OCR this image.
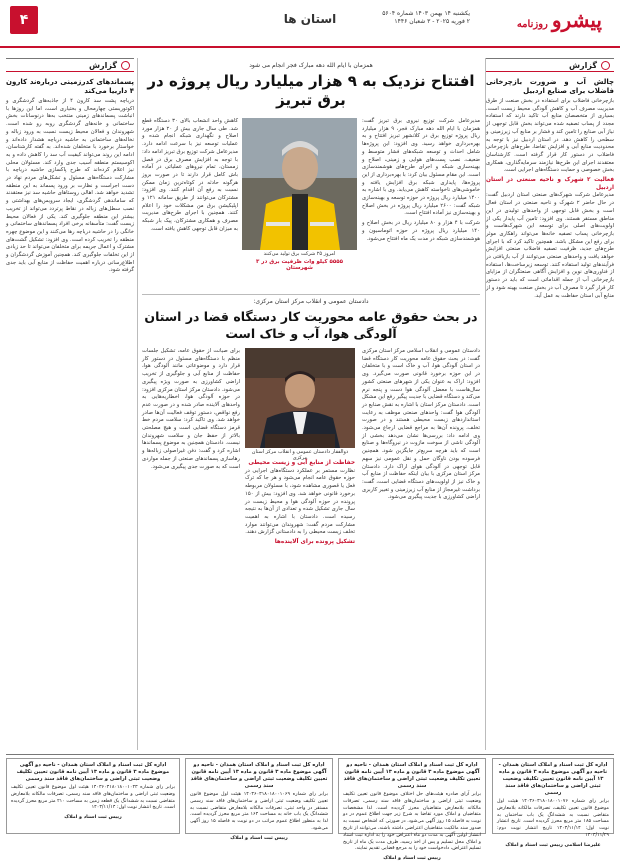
پیشروروزنامه
یکشنبه ۱۴ بهمن ۱۴۰۳ شماره ۵۶۰۴
۲ فوریه ۲۰۲۵ - ۳ شعبان ۱۴۴۶
استان ها
۴
گزارش
چالش آب و ضرورت بازچرخانی فاضلاب برای صنایع اردبیل

بازچرخانی فاضلاب برای استفاده در بخش صنعت از طرق مدیریت مصرف آب و کاهش آلودگی محیط زیست است. بسیاری از متخصصان منابع آب تاکید دارند که استفاده مجدد از پساب تصفیه شده می‌تواند بخش قابل توجهی از نیاز آبی صنایع را تامین کند و فشار بر منابع آب زیرزمینی و سطحی را کاهش دهد. در استان اردبیل نیز با توجه به محدودیت منابع آبی و افزایش تقاضا، طرح‌های بازچرخانی فاضلاب در دستور کار قرار گرفته است. کارشناسان معتقدند اجرای این طرح‌ها نیازمند سرمایه‌گذاری، همکاری بخش خصوصی و حمایت دستگاه‌های اجرایی است.

فعالیت ۲ شهرک و ناحیه صنعتی در استان اردبیل

مدیرعامل شرکت شهرک‌های صنعتی استان اردبیل گفت: در حال حاضر ۲ شهرک و ناحیه صنعتی در استان فعال است و بخش قابل توجهی از واحدهای تولیدی در این مناطق مستقر هستند. وی افزود: تامین آب پایدار یکی از اولویت‌های اصلی برای توسعه این شهرک‌هاست و بازچرخانی پساب تصفیه خانه‌ها می‌تواند راهکاری موثر برای رفع این مشکل باشد. همچنین تاکید کرد که با اجرای طرح‌های جدید، ظرفیت تصفیه فاضلاب صنعتی افزایش خواهد یافت و واحدهای صنعتی می‌توانند از آب بازیافتی در فرآیندهای تولید استفاده کنند. توسعه زیرساخت‌ها، استفاده از فناوری‌های نوین و افزایش آگاهی صنعتگران از مزایای بازچرخانی آب از جمله اقداماتی است که باید در دستور کار قرار گیرد تا مصرف آب در بخش صنعت بهینه شود و از منابع آبی استان حفاظت به عمل آید.

گزارش
پسماندهای کدرزمینی درباره‌ند کارون ۴ داربیا می‌کند

دریاچه پشت سد کارون ۴ از جاذبه‌های گردشگری و اکوتوریستی چهارمحال و بختیاری است، اما این روزها با انباشت پسماندهای زمینی منتخب به‌ها درنوسانات بخش ساختمانی و خانه‌های گردشگری روبه رو شده است. شهروندان و فعالان محیط زیست نسبت به ورود زباله و نخاله‌های ساختمانی به حاشیه دریاچه هشدار داده‌اند و خواستار برخورد با متخلفان شده‌اند. به گفته کارشناسان، ادامه این روند می‌تواند کیفیت آب سد را کاهش داده و به اکوسیستم منطقه آسیب جدی وارد کند. مسئولان محلی نیز اعلام کرده‌اند که طرح پاکسازی حاشیه دریاچه با مشارکت دستگاه‌های مسئول و تشکل‌های مردم نهاد در دست اجراست و نظارت بر ورود پسماند به این منطقه تشدید خواهد شد. اهالی روستاهای حاشیه سد نیز معتقدند که ساماندهی گردشگری، ایجاد سرویس‌های بهداشتی و نصب سطل‌های زباله در نقاط پرتردد می‌تواند از تخریب بیشتر این منطقه جلوگیری کند. یکی از فعالان محیط زیست گفت: متأسفانه برخی افراد پسماندهای ساختمانی و خانگی را در حاشیه دریاچه رها می‌کنند و این موضوع چهره منطقه را تخریب کرده است. وی افزود: تشکیل گشت‌های مشترک و اعمال جریمه برای متخلفان می‌تواند تا حد زیادی از این تخلفات جلوگیری کند. همچنین آموزش گردشگران و اطلاع‌رسانی درباره اهمیت حفاظت از منابع آبی باید جدی گرفته شود.

همزمان با ایام الله دهه مبارک فجر انجام می شود
افتتاح نزدیک به ۹ هزار میلیارد ریال پروژه در برق تبریز

مدیرعامل شرکت توزیع نیروی برق تبریز گفت: همزمان با ایام الله دهه مبارک فجر، ۹ هزار میلیارد ریال پروژه توزیع برق در کلانشهر تبریز افتتاح و به بهره‌برداری خواهد رسید. وی افزود: این پروژه‌ها شامل احداث و توسعه شبکه‌های فشار متوسط و ضعیف، نصب پست‌های هوایی و زمینی، اصلاح و بهینه‌سازی شبکه و اجرای طرح‌های هوشمندسازی است. این مقام مسئول بیان کرد: با بهره‌برداری از این پروژه‌ها، پایداری شبکه برق افزایش یافته و خاموشی‌های ناخواسته کاهش می‌یابد. وی با اشاره به ۱۴۰۰ میلیارد ریال پروژه در حوزه توسعه و بهینه‌سازی شبکه گفت: ۲۶۰۰ میلیارد ریال پروژه در بخش اصلاح و بهینه‌سازی نیز آماده افتتاح است.

شرکت با ۴ هزار و ۸۰ میلیارد ریال در بخش اصلاح و ۱۴۰ میلیارد ریال پروژه در حوزه اتوماسیون و هوشمندسازی شبکه در مدت یک ماه افتتاح می‌شود.

امروز ۲۵ شرکت برق تولید می‌کنند
۵۵۵۵ کیلو وات ظرفیت برق در ۳ شهرستان

کاهش واحد انشعاب بالای ۳۰ دستگاه قطع شد. طی سال جاری بیش از ۲۰ هزار مورد اصلاح و نگهداری شبکه انجام شده و عملیات توسعه نیز با سرعت ادامه دارد. مدیرعامل شرکت توزیع برق تبریز ادامه داد: با توجه به افزایش مصرف برق در فصل زمستان، تمام نیروهای عملیاتی در آماده باش کامل قرار دارند تا در صورت بروز هرگونه حادثه در کوتاه‌ترین زمان ممکن نسبت به رفع آن اقدام کنند. وی افزود: مشترکان می‌توانند از طریق سامانه ۱۲۱ و اپلیکیشن برق من مشکلات خود را اعلام کنند. همچنین با اجرای طرح‌های مدیریت مصرف و همکاری مشترکان، پیک بار شبکه به میزان قابل توجهی کاهش یافته است.

دادستان عمومی و انقلاب مرکز استان مرکزی:
در بحث حقوق عامه محوریت کار دستگاه قضا در استان
آلودگی هوا، آب و خاک است

دادستان عمومی و انقلاب اسلامی مرکز استان مرکزی گفت: در بحث حقوق عامه محوریت کار دستگاه قضا در استان آلودگی هوا، آب و خاک است و با متخلفان در این حوزه برخورد قانونی صورت می‌گیرد. وی افزود: اراک به عنوان یکی از شهرهای صنعتی کشور سال‌هاست با معضل آلودگی هوا دست و پنجه نرم می‌کند و دستگاه قضایی با جدیت پیگیر رفع این مشکل است. دادستان مرکز استان با اشاره به نقش صنایع در آلودگی هوا گفت: واحدهای صنعتی موظف به رعایت استانداردهای زیست محیطی هستند و در صورت تخلف، پرونده آن‌ها به مراجع قضایی ارجاع می‌شود. وی ادامه داد: بررسی‌ها نشان می‌دهد بخشی از آلودگی ناشی از سوخت مازوت در نیروگاه‌ها و صنایع است که باید هرچه سریع‌تر جایگزین شود. همچنین فرسوده بودن ناوگان حمل و نقل عمومی نیز سهم قابل توجهی در آلودگی هوای اراک دارد. دادستان مرکز استان مرکزی با بیان اینکه حفاظت از منابع آب و خاک نیز از اولویت‌های دستگاه قضایی است، گفت: برداشت غیرمجاز از منابع آب زیرزمینی و تغییر کاربری اراضی کشاورزی با جدیت پیگیری می‌شود.

ذوالفقار دادستان عمومی و انقلاب مرکز استان مرکزی
حفاظت از منابع آبی و زیست محیطی

نظارت مستمر بر عملکرد دستگاه‌های اجرایی در حوزه حقوق عامه انجام می‌شود و هر جا که ترک فعل یا قصوری مشاهده شود، با مسئولان مربوطه برخورد قانونی خواهد شد. وی افزود: بیش از ۱۵۰ پرونده در حوزه آلودگی هوا و محیط زیست در سال جاری تشکیل شده و تعدادی از آن‌ها به نتیجه رسیده است. دادستان با اشاره به اهمیت مشارکت مردم گفت: شهروندان می‌توانند موارد تخلف زیست محیطی را به دادستانی گزارش دهند.

تشکیل پرونده برای آلاینده‌ها

برای صیانت از حقوق عامه، تشکیل جلسات منظم با دستگاه‌های مسئول در دستور کار قرار دارد و موضوعاتی مانند آلودگی هوا، حفاظت از منابع آبی و جلوگیری از تخریب اراضی کشاورزی به صورت ویژه پیگیری می‌شود. دادستان مرکز استان مرکزی افزود: در حوزه آلودگی هوا، اخطاریه‌هایی به واحدهای آلاینده صادر شده و در صورت عدم رفع نواقص، دستور توقف فعالیت آن‌ها صادر خواهد شد. وی تاکید کرد: سلامت مردم خط قرمز دستگاه قضایی است و هیچ مصلحتی بالاتر از حفظ جان و سلامت شهروندان نیست. دادستان همچنین به موضوع پسماندها اشاره کرد و گفت: دفن غیراصولی زباله‌ها و رهاسازی پسماندهای صنعتی از جمله مواردی است که به صورت جدی پیگیری می‌شود.

اداره کل ثبت اسناد و املاک استان همدان - ناحیه دو آگهی موضوع ماده ۳ قانون و ماده ۱۳ آیین نامه قانون تعیین تکلیف وضعیت ثبتی اراضی و ساختمان‌های فاقد سند رسمی
برابر آرای صادره هیئت‌های حل اختلاف موضوع قانون تعیین تکلیف وضعیت ثبتی اراضی و ساختمان‌های فاقد سند رسمی، تصرفات مالکانه بلامعارض متقاضیان محرز گردیده است. لذا مشخصات متقاضیان و املاک مورد تقاضا به شرح زیر جهت اطلاع عموم در دو نوبت به فاصله ۱۵ روز آگهی می‌شود. در صورتی که اشخاص نسبت به صدور سند مالکیت متقاضیان اعتراضی داشته باشند، می‌توانند از تاریخ انتشار اولین آگهی به مدت دو ماه اعتراض خود را به اداره ثبت اسناد و املاک محل تسلیم و پس از اخذ رسید، ظرف مدت یک ماه از تاریخ تسلیم اعتراض، دادخواست خود را به مرجع قضایی تقدیم نمایند.
رییس ثبت اسناد و املاک
اداره کل ثبت اسناد و املاک استان همدان - ناحیه دو آگهی موضوع ماده ۳ قانون و ماده ۱۳ آیین نامه قانون تعیین تکلیف وضعیت ثبتی اراضی و ساختمان‌های فاقد سند رسمی
برابر رای شماره ۱۴۰۳۶۰۳۱۸۰۱۸۰۰۱۰۶۹ هیئت اول موضوع قانون تعیین تکلیف وضعیت ثبتی اراضی و ساختمان‌های فاقد سند رسمی مستقر در واحد ثبتی، تصرفات مالکانه بلامعارض متقاضی نسبت به ششدانگ یک باب خانه به مساحت ۱۶۴ متر مربع محرز گردیده است. لذا به منظور اطلاع عموم مراتب در دو نوبت به فاصله ۱۵ روز آگهی می‌شود.
رییس ثبت اسناد و املاک
اداره کل ثبت اسناد و املاک استان همدان - ناحیه دو آگهی موضوع ماده ۳ قانون و ماده ۱۳ آیین نامه قانون تعیین تکلیف وضعیت ثبتی اراضی و ساختمان‌های فاقد سند رسمی
برابر رای شماره ۱۴۰۳۶۰۳۱۸۰۱۸۰۰۱۰۴۳ هیئت اول موضوع قانون تعیین تکلیف وضعیت ثبتی اراضی و ساختمان‌های فاقد سند رسمی، تصرفات مالکانه بلامعارض متقاضی نسبت به ششدانگ یک قطعه زمین به مساحت ۲۱۰ متر مربع محرز گردیده است. تاریخ انتشار نوبت اول: ۱۴۰۳/۱۱/۱۴
رییس ثبت اسناد و املاک
اداره کل ثبت اسناد و املاک استان همدان - ناحیه دو آگهی موضوع ماده ۳ قانون و ماده ۱۳ آیین نامه قانون تعیین تکلیف وضعیت ثبتی اراضی و ساختمان‌های فاقد سند رسمی
برابر رای شماره ۱۴۰۳۶۰۳۱۸۰۱۸۰۰۱۰۷۶ هیئت اول موضوع قانون تعیین تکلیف، تصرفات مالکانه بلامعارض متقاضی نسبت به ششدانگ یک باب ساختمان به مساحت ۱۸۵ متر مربع محرز گردیده است. تاریخ انتشار نوبت اول: ۱۴۰۳/۱۱/۱۴ تاریخ انتشار نوبت دوم: ۱۴۰۳/۱۱/۲۹
علیرضا اسلامی رییس ثبت اسناد و املاک
